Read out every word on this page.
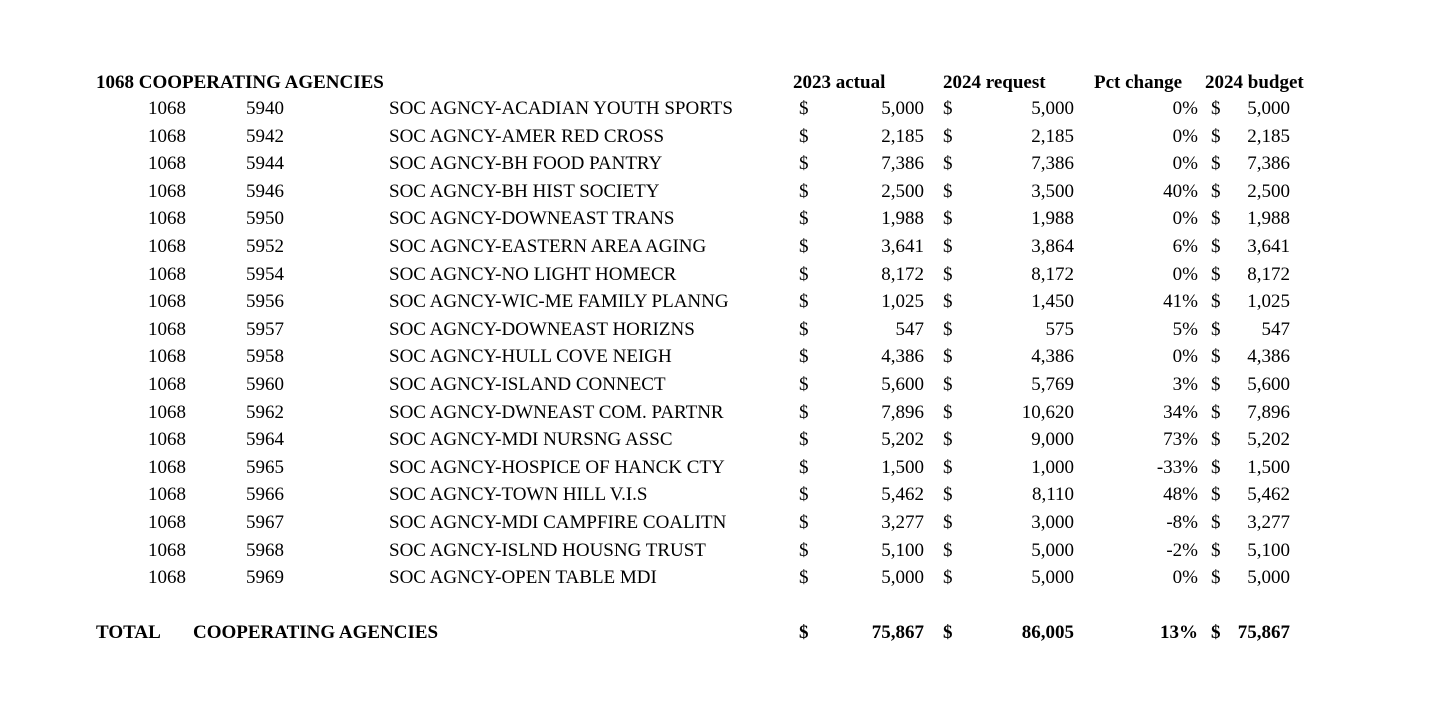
1068 COOPERATING AGENCIES	2023 actual	2024 request	Pct change 2024 budget
1068	5940	SOC AGNCY-ACADIAN YOUTH SPORTS	$	5,000 $	5,000	0% $ 5,000
1068	5942	SOC AGNCY-AMER RED CROSS	$	2,185 $	2,185	0% $ 2,185
1068	5944	SOC AGNCY-BH FOOD PANTRY	$	7,386 $	7,386	0% $ 7,386
1068	5946	SOC AGNCY-BH HIST SOCIETY	$	2,500 $	3,500	40% $ 2,500
1068	5950	SOC AGNCY-DOWNEAST TRANS	$	1,988 $	1,988	0% $ 1,988
1068	5952	SOC AGNCY-EASTERN AREA AGING	$	3,641 $	3,864	6% $ 3,641
1068	5954	SOC AGNCY-NO LIGHT HOMECR	$	8,172 $	8,172	0% $ 8,172
1068	5956	SOC AGNCY-WIC-ME FAMILY PLANNG	$	1,025 $	1,450	41% $ 1,025
1068	5957	SOC AGNCY-DOWNEAST HORIZNS	$	547 $	575	5% $ 547
1068	5958	SOC AGNCY-HULL COVE NEIGH	$	4,386 $	4,386	0% $ 4,386
1068	5960	SOC AGNCY-ISLAND CONNECT	$	5,600 $	5,769	3% $ 5,600
1068	5962	SOC AGNCY-DWNEAST COM. PARTNR	$	7,896 $	10,620	34% $ 7,896
1068	5964	SOC AGNCY-MDI NURSNG ASSC	$	5,202 $	9,000	73% $ 5,202
1068	5965	SOC AGNCY-HOSPICE OF HANCK CTY	$	1,500 $	1,000	-33% $ 1,500
1068	5966	SOC AGNCY-TOWN HILL V.I.S	$	5,462 $	8,110	48% $ 5,462
1068	5967	SOC AGNCY-MDI CAMPFIRE COALITN	$	3,277 $	3,000	-8% $ 3,277
1068	5968	SOC AGNCY-ISLND HOUSNG TRUST	$	5,100 $	5,000	-2% $ 5,100
1068	5969	SOC AGNCY-OPEN TABLE MDI	$	5,000 $	5,000	0% $ 5,000
TOTAL COOPERATING AGENCIES	$	75,867 $	86,005	13% $ 75,867
